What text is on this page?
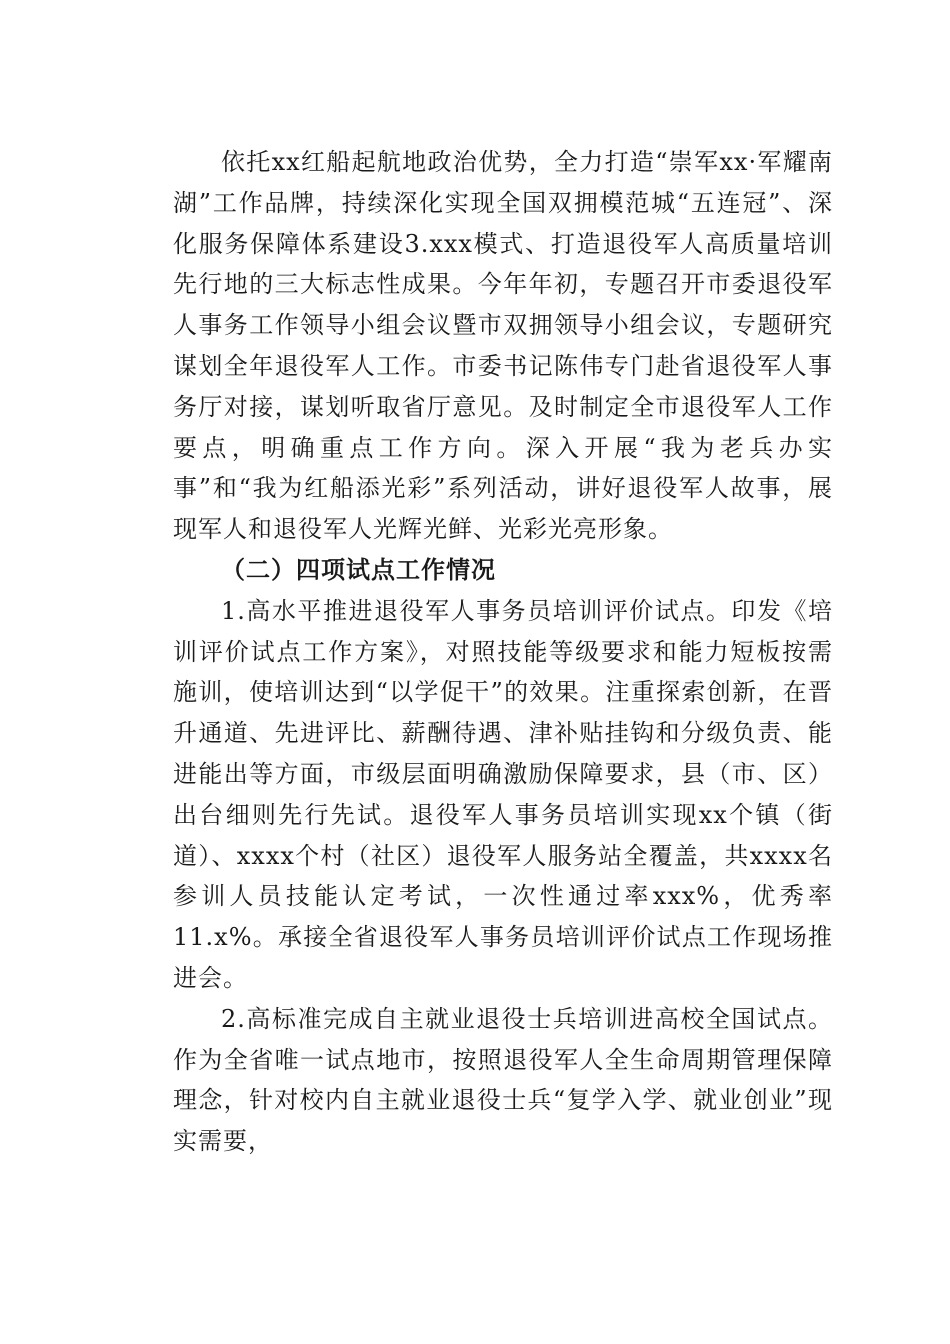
依托xx红船起航地政治优势，全力打造“崇军xx·军耀南湖”工作品牌，持续深化实现全国双拥模范城“五连冠”、深化服务保障体系建设3.xxx模式、打造退役军人高质量培训先行地的三大标志性成果。今年年初，专题召开市委退役军人事务工作领导小组会议暨市双拥领导小组会议，专题研究谋划全年退役军人工作。市委书记陈伟专门赴省退役军人事务厅对接，谋划听取省厅意见。及时制定全市退役军人工作要点，明确重点工作方向。深入开展“我为老兵办实事”和“我为红船添光彩”系列活动，讲好退役军人故事，展现军人和退役军人光辉光鲜、光彩光亮形象。

（二）四项试点工作情况

1.高水平推进退役军人事务员培训评价试点。印发《培训评价试点工作方案》，对照技能等级要求和能力短板按需施训，使培训达到“以学促干”的效果。注重探索创新，在晋升通道、先进评比、薪酬待遇、津补贴挂钩和分级负责、能进能出等方面，市级层面明确激励保障要求，县（市、区）出台细则先行先试。退役军人事务员培训实现xx个镇（街道）、xxxx个村（社区）退役军人服务站全覆盖，共xxxx名参训人员技能认定考试，一次性通过率xxx%，优秀率11.x%。承接全省退役军人事务员培训评价试点工作现场推进会。

2.高标准完成自主就业退役士兵培训进高校全国试点。作为全省唯一试点地市，按照退役军人全生命周期管理保障理念，针对校内自主就业退役士兵“复学入学、就业创业”现实需要，
